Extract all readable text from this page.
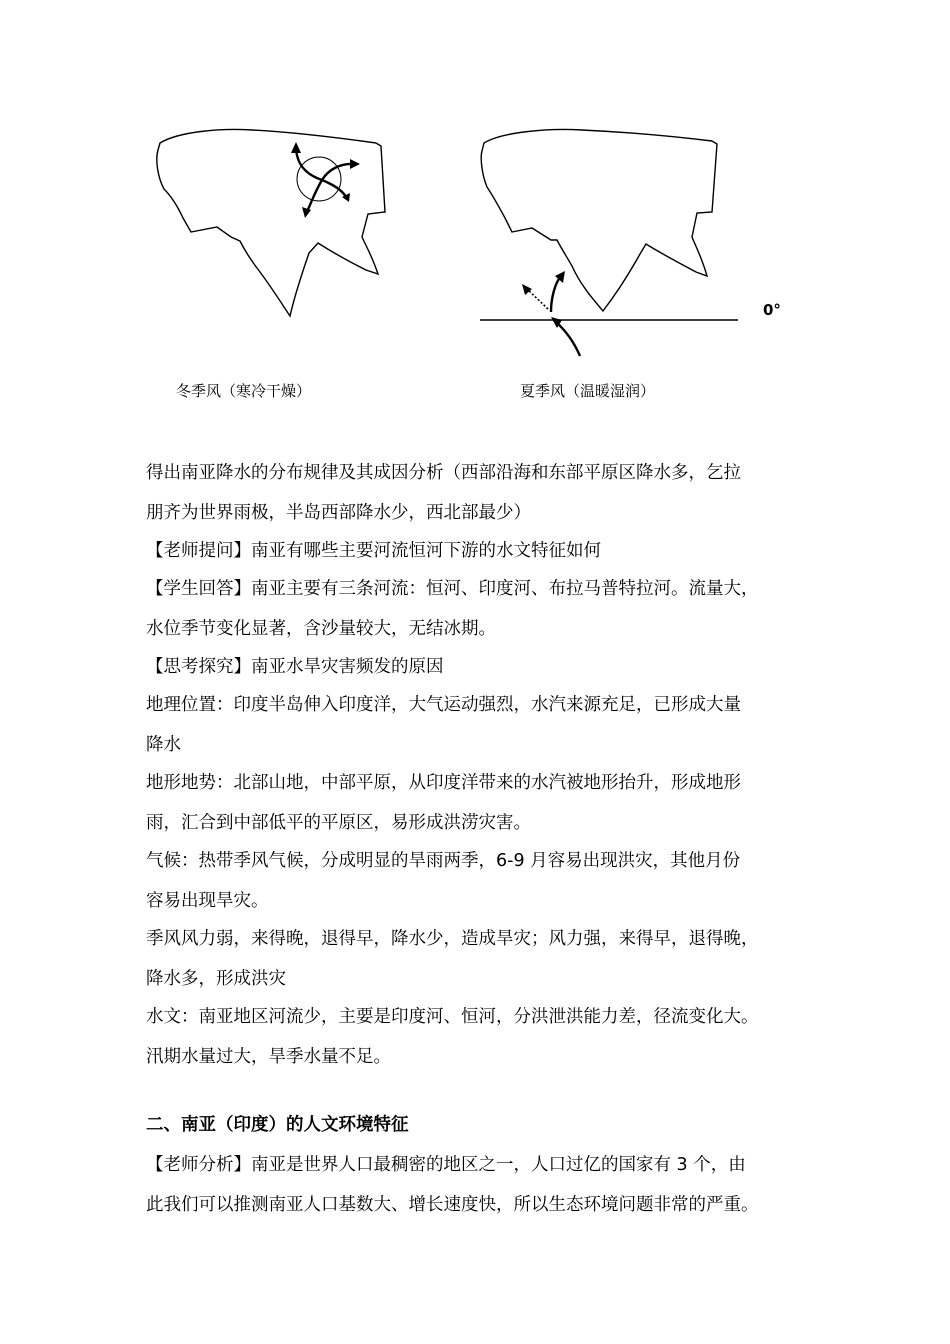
0°
冬季风（寒冷干燥）	夏季风（温暖湿润）
得出南亚降水的分布规律及其成因分析（西部沿海和东部平原区降水多，乞拉
朋齐为世界雨极，半岛西部降水少，西北部最少）
【老师提问】南亚有哪些主要河流恒河下游的水文特征如何
【学生回答】南亚主要有三条河流：恒河、印度河、布拉马普特拉河。流量大，
水位季节变化显著，含沙量较大，无结冰期。
【思考探究】南亚水旱灾害频发的原因
地理位置：印度半岛伸入印度洋，大气运动强烈，水汽来源充足，已形成大量
降水
地形地势：北部山地，中部平原，从印度洋带来的水汽被地形抬升，形成地形
雨，汇合到中部低平的平原区，易形成洪涝灾害。
气候：热带季风气候，分成明显的旱雨两季，6-9 月容易出现洪灾，其他月份
容易出现旱灾。
季风风力弱，来得晚，退得早，降水少，造成旱灾；风力强，来得早，退得晚，
降水多，形成洪灾
水文：南亚地区河流少，主要是印度河、恒河，分洪泄洪能力差，径流变化大。
汛期水量过大，旱季水量不足。
二、南亚（印度）的人文环境特征
【老师分析】南亚是世界人口最稠密的地区之一，人口过亿的国家有 3 个，由
此我们可以推测南亚人口基数大、增长速度快，所以生态环境问题非常的严重。
